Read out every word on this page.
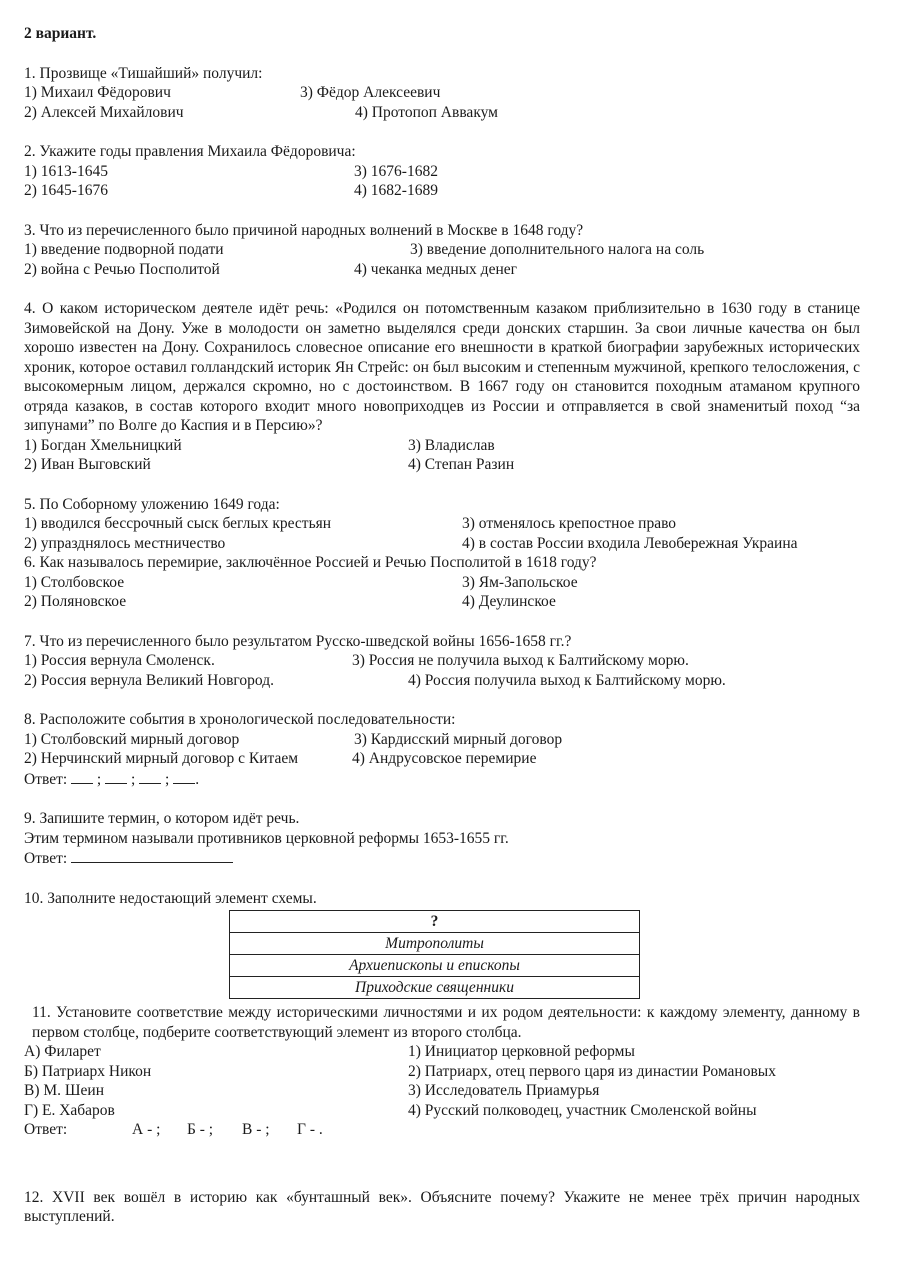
2 вариант.
1. Прозвище «Тишайший» получил:
1) Михаил Фёдорович	3) Фёдор Алексеевич
2) Алексей Михайлович	4) Протопоп Аввакум
2. Укажите годы правления Михаила Фёдоровича:
1) 1613-1645	3) 1676-1682
2) 1645-1676	4) 1682-1689
3. Что из перечисленного было причиной народных волнений в Москве в 1648 году?
1) введение подворной подати	3) введение дополнительного налога на соль
2) война с Речью Посполитой	4) чеканка медных денег
4. О каком историческом деятеле идёт речь: «Родился он потомственным казаком приблизительно в 1630 году в станице Зимовейской на Дону. Уже в молодости он заметно выделялся среди донских старшин. За свои личные качества он был хорошо известен на Дону. Сохранилось словесное описание его внешности в краткой биографии зарубежных исторических хроник, которое оставил голландский историк Ян Стрейс: он был высоким и степенным мужчиной, крепкого телосложения, с высокомерным лицом, держался скромно, но с достоинством. В 1667 году он становится походным атаманом крупного отряда казаков, в состав которого входит много новоприходцев из России и отправляется в свой знаменитый поход “за зипунами” по Волге до Каспия и в Персию»?
1) Богдан Хмельницкий	3) Владислав
2) Иван Выговский	4) Степан Разин
5. По Соборному уложению 1649 года:
1) вводился бессрочный сыск беглых крестьян	3) отменялось крепостное право
2) упразднялось местничество	4) в состав России входила Левобережная Украина
6. Как называлось перемирие, заключённое Россией и Речью Посполитой в 1618 году?
1) Столбовское	3) Ям-Запольское
2) Поляновское	4) Деулинское
7. Что из перечисленного было результатом Русско-шведской войны 1656-1658 гг.?
1) Россия вернула Смоленск.	3) Россия не получила выход к Балтийскому морю.
2) Россия вернула Великий Новгород.	4) Россия получила выход к Балтийскому морю.
8. Расположите события в хронологической последовательности:
1) Столбовский мирный договор	3) Кардисский мирный договор
2) Нерчинский мирный договор с Китаем	4) Андрусовское перемирие
Ответ: ; ; ; .
9. Запишите термин, о котором идёт речь.
Этим термином называли противников церковной реформы 1653-1655 гг.
Ответ:
10. Заполните недостающий элемент схемы.
?
Митрополиты
Архиепископы и епископы
Приходские священники
11. Установите соответствие между историческими личностями и их родом деятельности: к каждому элементу, данному в первом столбце, подберите соответствующий элемент из второго столбца.
А) Филарет	1) Инициатор церковной реформы
Б) Патриарх Никон	2) Патриарх, отец первого царя из династии Романовых
В) М. Шеин	3) Исследователь Приамурья
Г) Е. Хабаров	4) Русский полководец, участник Смоленской войны
Ответ:	А - ; Б - ; В - ; Г - .
12. XVII век вошёл в историю как «бунташный век». Объясните почему? Укажите не менее трёх причин народных выступлений.
